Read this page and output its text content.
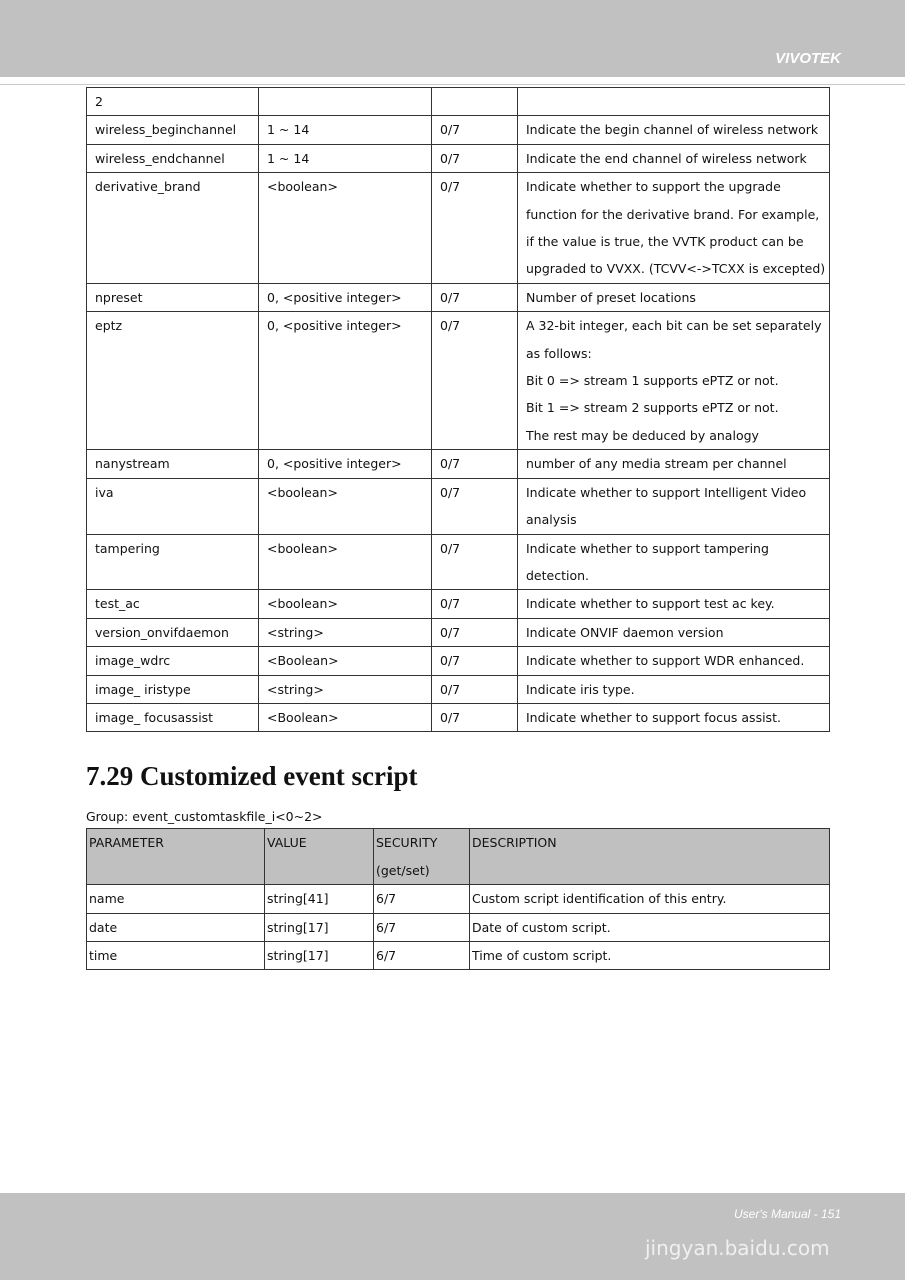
VIVOTEK
Bai du 经验
jingyan.baidu.com
User's Manual - 151
2			
wireless_beginchannel	1 ~ 14	0/7	Indicate the begin channel of wireless network
wireless_endchannel	1 ~ 14	0/7	Indicate the end channel of wireless network
derivative_brand	<boolean>	0/7	Indicate whether to support the upgrade function for the derivative brand. For example, if the value is true, the VVTK product can be upgraded to VVXX. (TCVV<->TCXX is excepted)
npreset	0, <positive integer>	0/7	Number of preset locations
eptz	0, <positive integer>	0/7	A 32-bit integer, each bit can be set separately as follows:
Bit 0 => stream 1 supports ePTZ or not.
Bit 1 => stream 2 supports ePTZ or not.
The rest may be deduced by analogy
nanystream	0, <positive integer>	0/7	number of any media stream per channel
iva	<boolean>	0/7	Indicate whether to support Intelligent Video analysis
tampering	<boolean>	0/7	Indicate whether to support tampering detection.
test_ac	<boolean>	0/7	Indicate whether to support test ac key.
version_onvifdaemon	<string>	0/7	Indicate ONVIF daemon version
image_wdrc	<Boolean>	0/7	Indicate whether to support WDR enhanced.
image_ iristype	<string>	0/7	Indicate iris type.
image_ focusassist	<Boolean>	0/7	Indicate whether to support focus assist.
7.29 Customized event script
Group: event_customtaskfile_i<0~2>
PARAMETER	VALUE	SECURITY (get/set)	DESCRIPTION
name	string[41]	6/7	Custom script identification of this entry.
date	string[17]	6/7	Date of custom script.
time	string[17]	6/7	Time of custom script.
